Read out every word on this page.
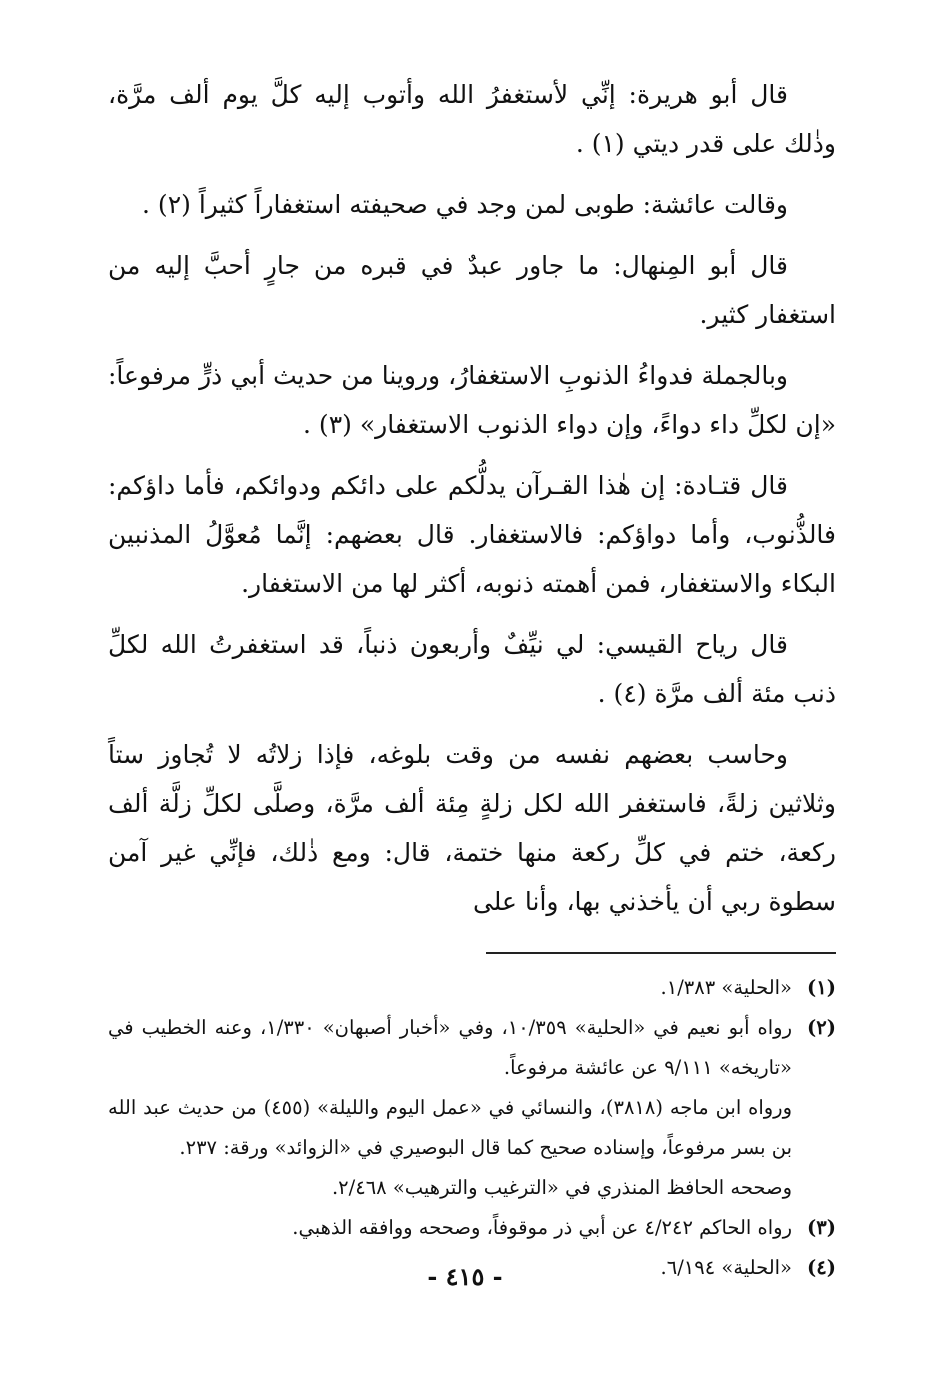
قال أبو هريرة: إنِّي لأستغفرُ الله وأتوب إليه كلَّ يوم ألف مرَّة، وذٰلك على قدر ديتي (١) .

وقالت عائشة: طوبى لمن وجد في صحيفته استغفاراً كثيراً (٢) .

قال أبو المِنهال: ما جاور عبدٌ في قبره من جارٍ أحبَّ إليه من استغفار كثير.

وبالجملة فدواءُ الذنوبِ الاستغفارُ، وروينا من حديث أبي ذرٍّ مرفوعاً: «إن لكلِّ داء دواءً، وإن دواء الذنوب الاستغفار» (٣) .

قال قتـادة: إن هٰذا القـرآن يدلُّكم على دائكم ودوائكم، فأما داؤكم: فالذُّنوب، وأما دواؤكم: فالاستغفار. قال بعضهم: إنَّما مُعوَّلُ المذنبين البكاء والاستغفار، فمن أهمته ذنوبه، أكثر لها من الاستغفار.

قال رياح القيسي: لي نيِّفٌ وأربعون ذنباً، قد استغفرتُ الله لكلِّ ذنب مئة ألف مرَّة (٤) .

وحاسب بعضهم نفسه من وقت بلوغه، فإذا زلاتُه لا تُجاوز ستاً وثلاثين زلةً، فاستغفر الله لكل زلةٍ مِئة ألف مرَّة، وصلَّى لكلِّ زلَّة ألف ركعة، ختم في كلِّ ركعة منها ختمة، قال: ومع ذٰلك، فإنِّي غير آمن سطوة ربي أن يأخذني بها، وأنا على

(١)
«الحلية» ١/٣٨٣.
(٢)
رواه أبو نعيم في «الحلية» ١٠/٣٥٩، وفي «أخبار أصبهان» ١/٣٣٠، وعنه الخطيب في «تاريخه» ٩/١١١ عن عائشة مرفوعاً.
ورواه ابن ماجه (٣٨١٨)، والنسائي في «عمل اليوم والليلة» (٤٥٥) من حديث عبد الله بن بسر مرفوعاً، وإسناده صحيح كما قال البوصيري في «الزوائد» ورقة: ٢٣٧.
وصححه الحافظ المنذري في «الترغيب والترهيب» ٢/٤٦٨.
(٣)
رواه الحاكم ٤/٢٤٢ عن أبي ذر موقوفاً، وصححه ووافقه الذهبي.
(٤)
«الحلية» ٦/١٩٤.
- ٤١٥ -
